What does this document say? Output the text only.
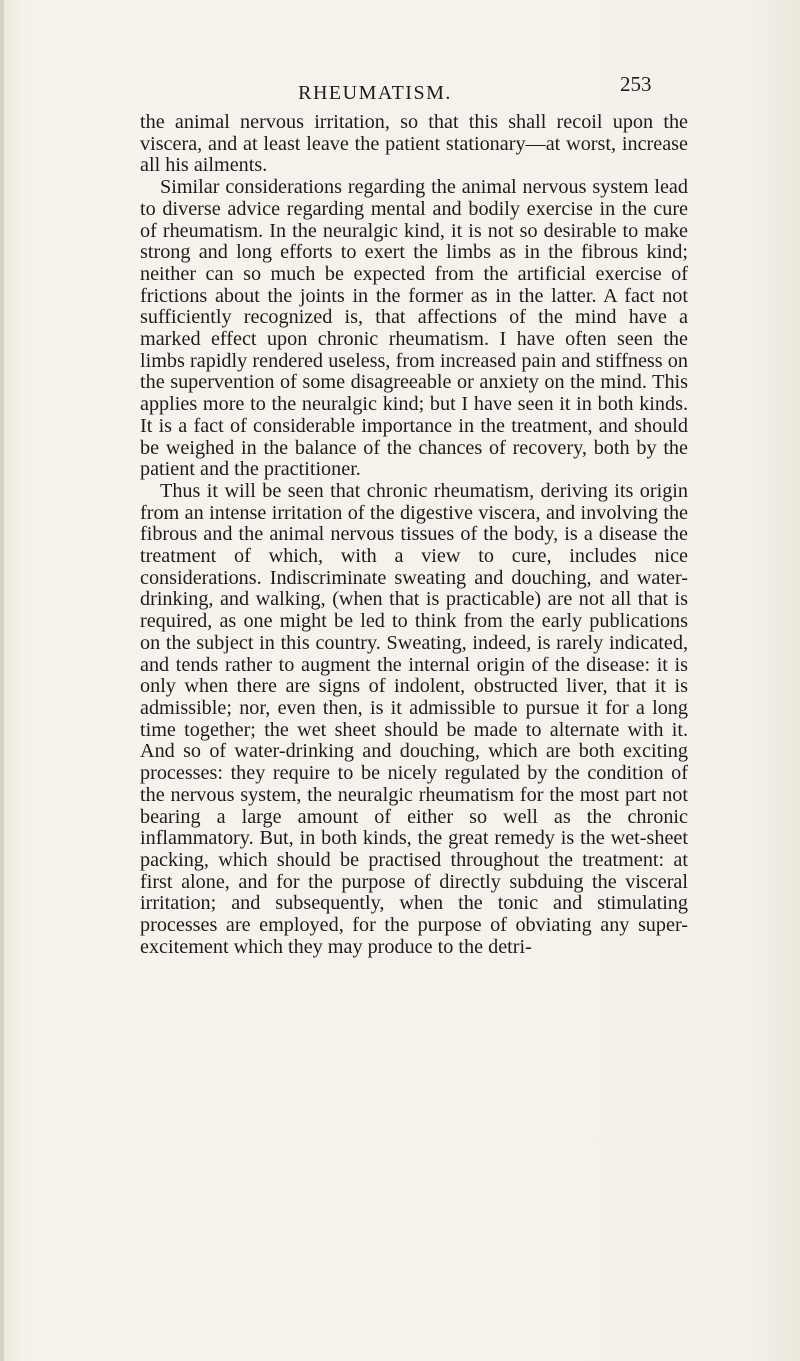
RHEUMATISM.	253

the animal nervous irritation, so that this shall recoil upon the viscera, and at least leave the patient stationary—at worst, increase all his ailments.

Similar considerations regarding the animal nervous system lead to diverse advice regarding mental and bodily exercise in the cure of rheumatism. In the neuralgic kind, it is not so desirable to make strong and long efforts to exert the limbs as in the fibrous kind; neither can so much be expected from the artificial exercise of frictions about the joints in the former as in the latter. A fact not sufficiently recognized is, that affections of the mind have a marked effect upon chronic rheumatism. I have often seen the limbs rapidly rendered useless, from increased pain and stiffness on the supervention of some disagreeable or anxiety on the mind. This applies more to the neuralgic kind; but I have seen it in both kinds. It is a fact of considerable importance in the treatment, and should be weighed in the balance of the chances of recovery, both by the patient and the practitioner.

Thus it will be seen that chronic rheumatism, deriving its origin from an intense irritation of the digestive viscera, and involving the fibrous and the animal nervous tissues of the body, is a disease the treatment of which, with a view to cure, includes nice considerations. Indiscriminate sweating and douching, and water-drinking, and walking, (when that is practicable) are not all that is required, as one might be led to think from the early publications on the subject in this country. Sweating, indeed, is rarely indicated, and tends rather to augment the internal origin of the disease: it is only when there are signs of indolent, obstructed liver, that it is admissible; nor, even then, is it admissible to pursue it for a long time together; the wet sheet should be made to alternate with it. And so of water-drinking and douching, which are both exciting processes: they require to be nicely regulated by the condition of the nervous system, the neuralgic rheumatism for the most part not bearing a large amount of either so well as the chronic inflammatory. But, in both kinds, the great remedy is the wet-sheet packing, which should be practised throughout the treatment: at first alone, and for the purpose of directly subduing the visceral irritation; and subsequently, when the tonic and stimulating processes are employed, for the purpose of obviating any super-excitement which they may produce to the detri-
